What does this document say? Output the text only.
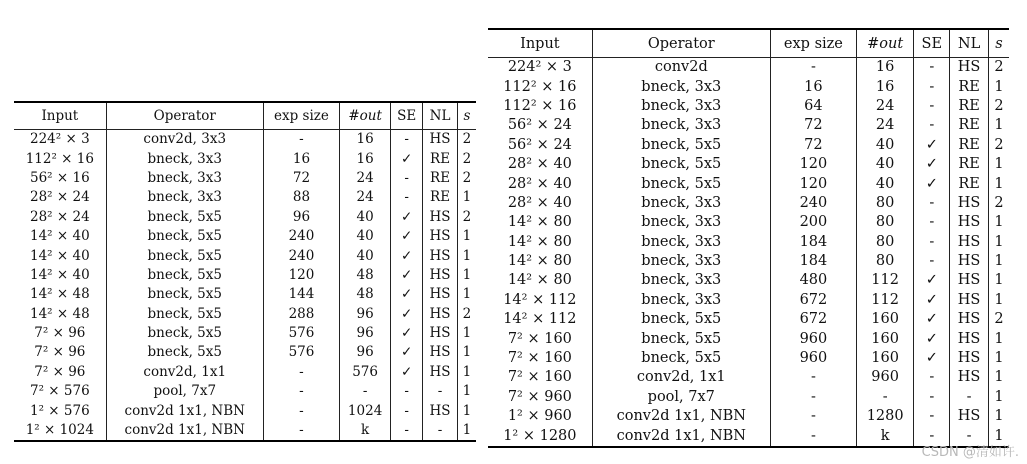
Input	Operator	exp size	#out	SE	NL	s
224² × 3	conv2d, 3x3	-	16	-	HS	2
112² × 16	bneck, 3x3	16	16	✓	RE	2
56² × 16	bneck, 3x3	72	24	-	RE	2
28² × 24	bneck, 3x3	88	24	-	RE	1
28² × 24	bneck, 5x5	96	40	✓	HS	2
14² × 40	bneck, 5x5	240	40	✓	HS	1
14² × 40	bneck, 5x5	240	40	✓	HS	1
14² × 40	bneck, 5x5	120	48	✓	HS	1
14² × 48	bneck, 5x5	144	48	✓	HS	1
14² × 48	bneck, 5x5	288	96	✓	HS	2
7² × 96	bneck, 5x5	576	96	✓	HS	1
7² × 96	bneck, 5x5	576	96	✓	HS	1
7² × 96	conv2d, 1x1	-	576	✓	HS	1
7² × 576	pool, 7x7	-	-	-	-	1
1² × 576	conv2d 1x1, NBN	-	1024	-	HS	1
1² × 1024	conv2d 1x1, NBN	-	k	-	-	1
Input	Operator	exp size	#out	SE	NL	s
224² × 3	conv2d	-	16	-	HS	2
112² × 16	bneck, 3x3	16	16	-	RE	1
112² × 16	bneck, 3x3	64	24	-	RE	2
56² × 24	bneck, 3x3	72	24	-	RE	1
56² × 24	bneck, 5x5	72	40	✓	RE	2
28² × 40	bneck, 5x5	120	40	✓	RE	1
28² × 40	bneck, 5x5	120	40	✓	RE	1
28² × 40	bneck, 3x3	240	80	-	HS	2
14² × 80	bneck, 3x3	200	80	-	HS	1
14² × 80	bneck, 3x3	184	80	-	HS	1
14² × 80	bneck, 3x3	184	80	-	HS	1
14² × 80	bneck, 3x3	480	112	✓	HS	1
14² × 112	bneck, 3x3	672	112	✓	HS	1
14² × 112	bneck, 5x5	672	160	✓	HS	2
7² × 160	bneck, 5x5	960	160	✓	HS	1
7² × 160	bneck, 5x5	960	160	✓	HS	1
7² × 160	conv2d, 1x1	-	960	-	HS	1
7² × 960	pool, 7x7	-	-	-	-	1
1² × 960	conv2d 1x1, NBN	-	1280	-	HS	1
1² × 1280	conv2d 1x1, NBN	-	k	-	-	1
CSDN @清如许.
